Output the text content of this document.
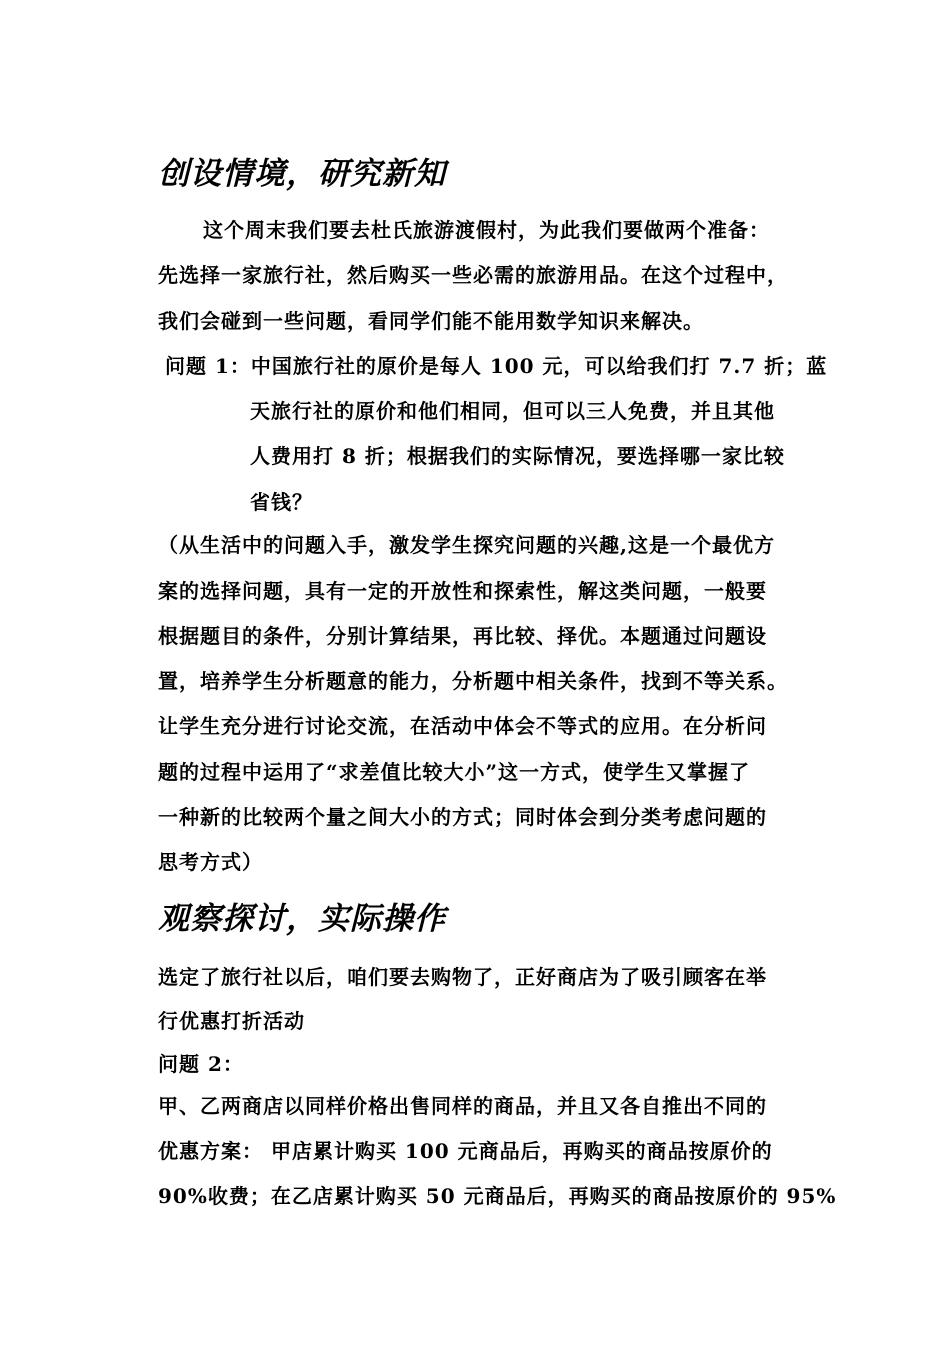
创设情境，研究新知
这个周末我们要去杜氏旅游渡假村，为此我们要做两个准备：
先选择一家旅行社，然后购买一些必需的旅游用品。在这个过程中，
我们会碰到一些问题，看同学们能不能用数学知识来解决。
问题 1：中国旅行社的原价是每人 100 元，可以给我们打 7.7 折；蓝
天旅行社的原价和他们相同，但可以三人免费，并且其他
人费用打 8 折；根据我们的实际情况，要选择哪一家比较
省钱？
（从生活中的问题入手，激发学生探究问题的兴趣,这是一个最优方
案的选择问题，具有一定的开放性和探索性，解这类问题，一般要
根据题目的条件，分别计算结果，再比较、择优。本题通过问题设
置，培养学生分析题意的能力，分析题中相关条件，找到不等关系。
让学生充分进行讨论交流，在活动中体会不等式的应用。在分析问
题的过程中运用了“求差值比较大小”这一方式，使学生又掌握了
一种新的比较两个量之间大小的方式；同时体会到分类考虑问题的
思考方式）
观察探讨，实际操作
选定了旅行社以后，咱们要去购物了，正好商店为了吸引顾客在举
行优惠打折活动
问题 2：
甲、乙两商店以同样价格出售同样的商品，并且又各自推出不同的
优惠方案： 甲店累计购买 100 元商品后，再购买的商品按原价的
90%收费；在乙店累计购买 50 元商品后，再购买的商品按原价的 95%
